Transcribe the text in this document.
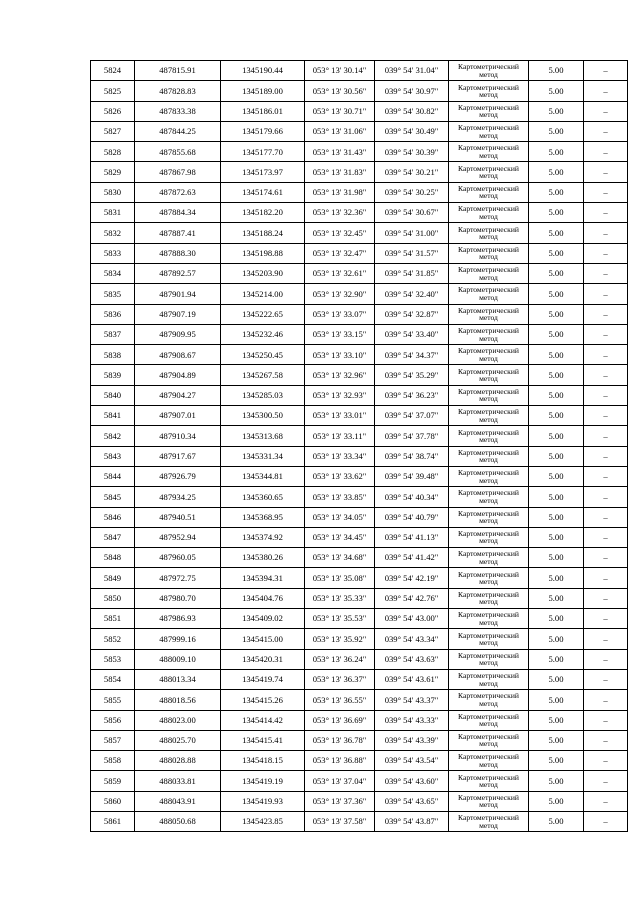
5824	487815.91	1345190.44	053° 13' 30.14"	039° 54' 31.04"	Картометрический метод	5.00	–
5825	487828.83	1345189.00	053° 13' 30.56"	039° 54' 30.97"	Картометрический метод	5.00	–
5826	487833.38	1345186.01	053° 13' 30.71"	039° 54' 30.82"	Картометрический метод	5.00	–
5827	487844.25	1345179.66	053° 13' 31.06"	039° 54' 30.49"	Картометрический метод	5.00	–
5828	487855.68	1345177.70	053° 13' 31.43"	039° 54' 30.39"	Картометрический метод	5.00	–
5829	487867.98	1345173.97	053° 13' 31.83"	039° 54' 30.21"	Картометрический метод	5.00	–
5830	487872.63	1345174.61	053° 13' 31.98"	039° 54' 30.25"	Картометрический метод	5.00	–
5831	487884.34	1345182.20	053° 13' 32.36"	039° 54' 30.67"	Картометрический метод	5.00	–
5832	487887.41	1345188.24	053° 13' 32.45"	039° 54' 31.00"	Картометрический метод	5.00	–
5833	487888.30	1345198.88	053° 13' 32.47"	039° 54' 31.57"	Картометрический метод	5.00	–
5834	487892.57	1345203.90	053° 13' 32.61"	039° 54' 31.85"	Картометрический метод	5.00	–
5835	487901.94	1345214.00	053° 13' 32.90"	039° 54' 32.40"	Картометрический метод	5.00	–
5836	487907.19	1345222.65	053° 13' 33.07"	039° 54' 32.87"	Картометрический метод	5.00	–
5837	487909.95	1345232.46	053° 13' 33.15"	039° 54' 33.40"	Картометрический метод	5.00	–
5838	487908.67	1345250.45	053° 13' 33.10"	039° 54' 34.37"	Картометрический метод	5.00	–
5839	487904.89	1345267.58	053° 13' 32.96"	039° 54' 35.29"	Картометрический метод	5.00	–
5840	487904.27	1345285.03	053° 13' 32.93"	039° 54' 36.23"	Картометрический метод	5.00	–
5841	487907.01	1345300.50	053° 13' 33.01"	039° 54' 37.07"	Картометрический метод	5.00	–
5842	487910.34	1345313.68	053° 13' 33.11"	039° 54' 37.78"	Картометрический метод	5.00	–
5843	487917.67	1345331.34	053° 13' 33.34"	039° 54' 38.74"	Картометрический метод	5.00	–
5844	487926.79	1345344.81	053° 13' 33.62"	039° 54' 39.48"	Картометрический метод	5.00	–
5845	487934.25	1345360.65	053° 13' 33.85"	039° 54' 40.34"	Картометрический метод	5.00	–
5846	487940.51	1345368.95	053° 13' 34.05"	039° 54' 40.79"	Картометрический метод	5.00	–
5847	487952.94	1345374.92	053° 13' 34.45"	039° 54' 41.13"	Картометрический метод	5.00	–
5848	487960.05	1345380.26	053° 13' 34.68"	039° 54' 41.42"	Картометрический метод	5.00	–
5849	487972.75	1345394.31	053° 13' 35.08"	039° 54' 42.19"	Картометрический метод	5.00	–
5850	487980.70	1345404.76	053° 13' 35.33"	039° 54' 42.76"	Картометрический метод	5.00	–
5851	487986.93	1345409.02	053° 13' 35.53"	039° 54' 43.00"	Картометрический метод	5.00	–
5852	487999.16	1345415.00	053° 13' 35.92"	039° 54' 43.34"	Картометрический метод	5.00	–
5853	488009.10	1345420.31	053° 13' 36.24"	039° 54' 43.63"	Картометрический метод	5.00	–
5854	488013.34	1345419.74	053° 13' 36.37"	039° 54' 43.61"	Картометрический метод	5.00	–
5855	488018.56	1345415.26	053° 13' 36.55"	039° 54' 43.37"	Картометрический метод	5.00	–
5856	488023.00	1345414.42	053° 13' 36.69"	039° 54' 43.33"	Картометрический метод	5.00	–
5857	488025.70	1345415.41	053° 13' 36.78"	039° 54' 43.39"	Картометрический метод	5.00	–
5858	488028.88	1345418.15	053° 13' 36.88"	039° 54' 43.54"	Картометрический метод	5.00	–
5859	488033.81	1345419.19	053° 13' 37.04"	039° 54' 43.60"	Картометрический метод	5.00	–
5860	488043.91	1345419.93	053° 13' 37.36"	039° 54' 43.65"	Картометрический метод	5.00	–
5861	488050.68	1345423.85	053° 13' 37.58"	039° 54' 43.87"	Картометрический метод	5.00	–
